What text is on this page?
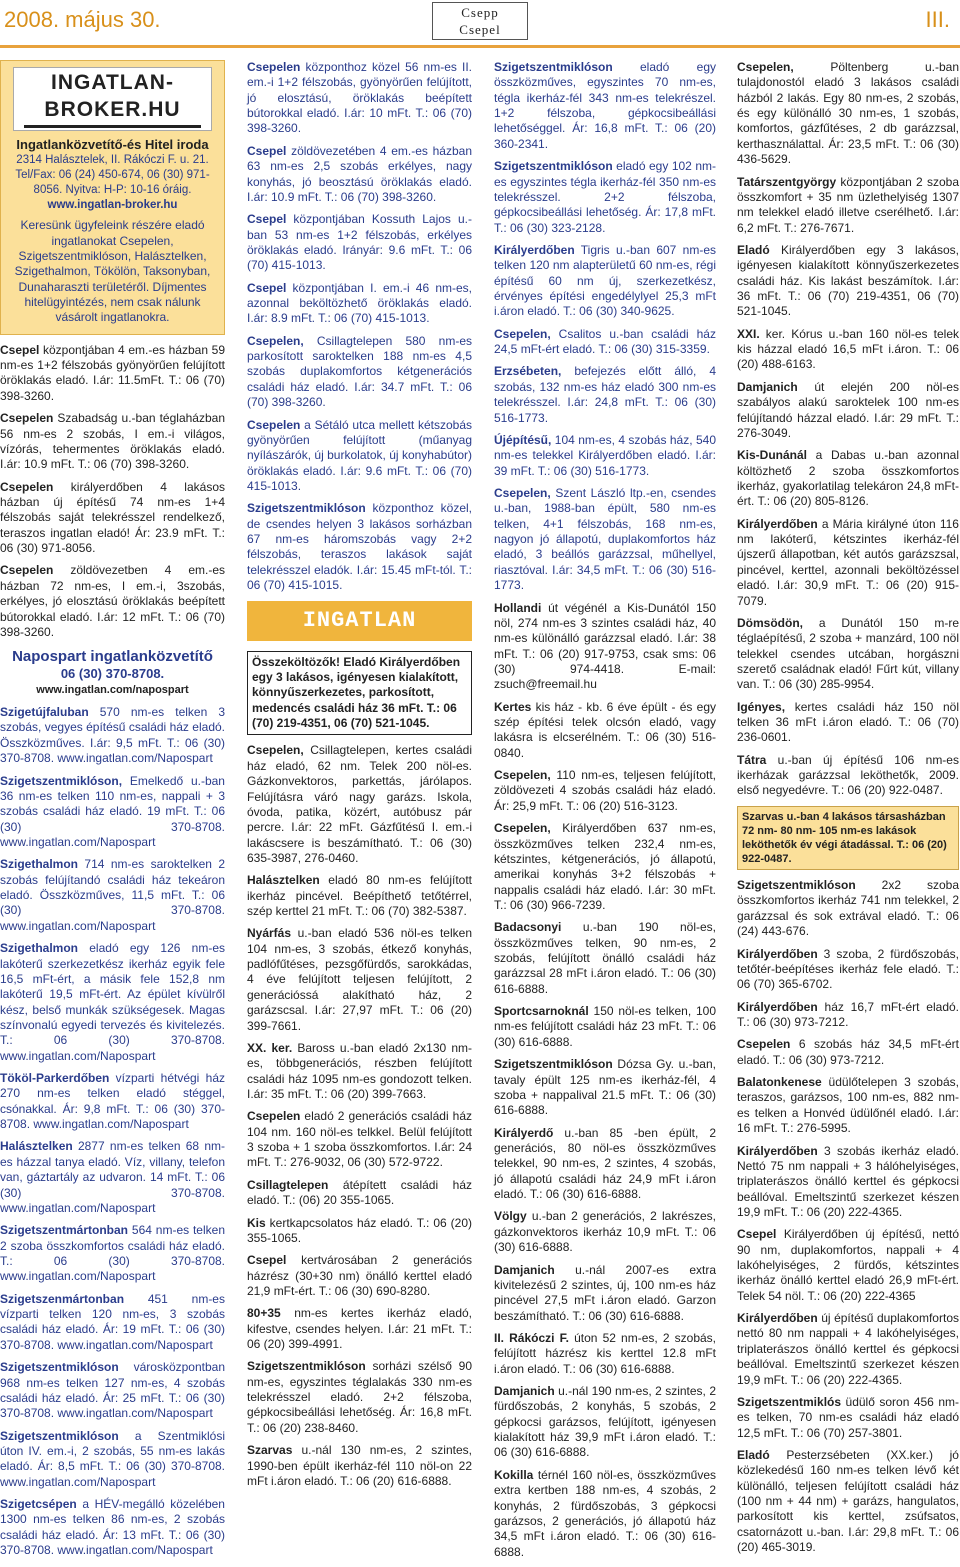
2008. május 30.	Csepp
Csepel	III.
INGATLAN-BROKER.HU
Ingatlanközvetítő-és Hitel iroda
2314 Halásztelek, II. Rákóczi F. u. 21.
Tel/Fax: 06 (24) 450-674, 06 (30) 971-8056. Nyitva: H-P: 10-16 óráig.
www.ingatlan-broker.hu
Keresünk ügyfeleink részére eladó ingatlanokat Csepelen, Szigetszentmiklóson, Halásztelken, Szigethalmon, Tökölön, Taksonyban, Dunaharaszti területéről. Díjmentes hitelügyintézés, nem csak nálunk vásárolt ingatlanokra.
Csepel központjában 4 em.-es házban 59 nm-es 1+2 félszobás gyönyörűen felújított öröklakás eladó. I.ár: 11.5mFt. T.: 06 (70) 398-3260.
Csepelen Szabadság u.-ban téglaházban 56 nm-es 2 szobás, I em.-i világos, vízórás, tehermentes öröklakás eladó. I.ár: 10.9 mFt. T.: 06 (70) 398-3260.
Csepelen királyerdőben 4 lakásos házban új építésű 74 nm-es 1+4 félszobás saját telekrésszel rendelkező, teraszos ingatlan eladó! Ár: 23.9 mFt. T.: 06 (30) 971-8056.
Csepelen zöldövezetben 4 em.-es házban 72 nm-es, I em.-i, 3szobás, erkélyes, jó elosztású öröklakás beépített bútorokkal eladó. I.ár: 12 mFt. T.: 06 (70) 398-3260.
Napospart ingatlanközvetítő
06 (30) 370-8708.
www.ingatlan.com/napospart
Szigetújfaluban 570 nm-es telken 3 szobás, vegyes építésű családi ház eladó. Összközműves. I.ár: 9,5 mFt. T.: 06 (30) 370-8708. www.ingatlan.com/Napospart
Szigetszentmiklóson, Emelkedő u.-ban 36 nm-es telken 110 nm-es, nappali + 3 szobás családi ház eladó. 19 mFt. T.: 06 (30) 370-8708. www.ingatlan.com/Napospart
Szigethalmon 714 nm-es saroktelken 2 szobás felújítandó családi ház tekeáron eladó. Összközműves, 11,5 mFt. T.: 06 (30) 370-8708. www.ingatlan.com/Napospart
Szigethalmon eladó egy 126 nm-es lakóterű szerkezetkész ikerház egyik fele 16,5 mFt-ért, a másik fele 152,8 nm lakóterű 19,5 mFt-ért. Az épület kívülről kész, belső munkák szükségesek. Magas színvonalú egyedi tervezés és kivitelezés. T.: 06 (30) 370-8708. www.ingatlan.com/Napospart
Tököl-Parkerdőben vízparti hétvégi ház 270 nm-es telken eladó stéggel, csónakkal. Ár: 9,8 mFt. T.: 06 (30) 370-8708. www.ingatlan.com/Napospart
Halásztelken 2877 nm-es telken 68 nm-es házzal tanya eladó. Víz, villany, telefon van, gáztartály az udvaron. 14 mFt. T.: 06 (30) 370-8708. www.ingatlan.com/Napospart
Szigetszentmártonban 564 nm-es telken 2 szoba összkomfortos családi ház eladó. T.: 06 (30) 370-8708. www.ingatlan.com/Napospart
Szigetszenmártonban 451 nm-es vízparti telken 120 nm-es, 3 szobás családi ház eladó. Ár: 19 mFt. T.: 06 (30) 370-8708. www.ingatlan.com/Napospart
Szigetszentmiklóson városközpontban 968 nm-es telken 127 nm-es, 4 szobás családi ház eladó. Ár: 25 mFt. T.: 06 (30) 370-8708. www.ingatlan.com/Napospart
Szigetszentmiklóson a Szentmiklósi úton IV. em.-i, 2 szobás, 55 nm-es lakás eladó. Ár: 8,5 mFt. T.: 06 (30) 370-8708. www.ingatlan.com/Napospart
Szigetcsépen a HÉV-megálló közelében 1300 nm-es telken 86 nm-es, 2 szobás családi ház eladó. Ár: 13 mFt. T.: 06 (30) 370-8708. www.ingatlan.com/Napospart
Csepelen központhoz közel 56 nm-es II. em.-i 1+2 félszobás, gyönyörűen felújított, jó elosztású, öröklakás beépített bútorokkal eladó. I.ár: 10 mFt. T.: 06 (70) 398-3260.
Csepel zöldövezetében 4 em.-es házban 63 nm-es 2,5 szobás erkélyes, nagy konyhás, jó beosztású öröklakás eladó. I.ár: 10.9 mFt. T.: 06 (70) 398-3260.
Csepel központjában Kossuth Lajos u.-ban 53 nm-es 1+2 félszobás, erkélyes öröklakás eladó. Irányár: 9.6 mFt. T.: 06 (70) 415-1013.
Csepel központjában I. em.-i 46 nm-es, azonnal beköltözhető öröklakás eladó. I.ár: 8.9 mFt. T.: 06 (70) 415-1013.
Csepelen, Csillagtelepen 580 nm-es parkosított saroktelken 188 nm-es 4,5 szobás duplakomfortos kétgenerációs családi ház eladó. I.ár: 34.7 mFt. T.: 06 (70) 398-3260.
Csepelen a Sétáló utca mellett kétszobás gyönyörűen felújított (műanyag nyílászárók, új burkolatok, új konyhabútor) öröklakás eladó. I.ár: 9.6 mFt. T.: 06 (70) 415-1013.
Szigetszentmiklóson központhoz közel, de csendes helyen 3 lakásos sorházban 67 nm-es háromszobás vagy 2+2 félszobás, teraszos lakások saját telekrésszel eladók. I.ár: 15.45 mFt-tól. T.: 06 (70) 415-1015.
INGATLAN
Összeköltözők! Eladó Királyerdőben egy 3 lakásos, igényesen kialakított, könnyűszerkezetes, parkosított, medencés családi ház 36 mFt. T.: 06 (70) 219-4351, 06 (70) 521-1045.
Csepelen, Csillagtelepen, kertes családi ház eladó, 62 nm. Telek 200 nöl-es. Gázkonvektoros, parkettás, járólapos. Felújításra váró nagy garázs. Iskola, óvoda, patika, közért, autóbusz pár percre. I.ár: 22 mFt. Gázfűtésű I. em.-i lakáscsere is beszámítható. T.: 06 (30) 635-3987, 276-0460.
Halásztelken eladó 80 nm-es felújított ikerház pincével. Beépíthető tetőtérrel, szép kerttel 21 mFt. T.: 06 (70) 382-5387.
Nyárfás u.-ban eladó 536 nöl-es telken 104 nm-es, 3 szobás, étkező konyhás, padlófűtéses, pezsgőfürdős, sarokkádas, 4 éve felújított teljesen felújított, 2 generációssá alakítható ház, 2 garázscsal. I.ár: 27,97 mFt. T.: 06 (20) 399-7661.
XX. ker. Baross u.-ban eladó 2x130 nm-es, többgenerációs, részben felújított családi ház 1095 nm-es gondozott telken. I.ár: 35 mFt. T.: 06 (20) 399-7663.
Csepelen eladó 2 generációs családi ház 104 nm. 160 nöl-es telkkel. Belül felújított 3 szoba + 1 szoba összkomfortos. I.ár: 24 mFt. T.: 276-9032, 06 (30) 572-9722.
Csillagtelepen átépített családi ház eladó. T.: (06) 20 355-1065.
Kis kertkapcsolatos ház eladó. T.: 06 (20) 355-1065.
Csepel kertvárosában 2 generációs házrész (30+30 nm) önálló kerttel eladó 21,9 mFt-ért. T.: 06 (30) 690-8280.
80+35 nm-es kertes ikerház eladó, kifestve, csendes helyen. I.ár: 21 mFt. T.: 06 (20) 399-4991.
Szigetszentmiklóson sorházi szélső 90 nm-es, egyszintes téglalakás 330 nm-es telekrésszel eladó. 2+2 félszoba, gépkocsibeállási lehetőség. Ár: 16,8 mFt. T.: 06 (20) 238-8460.
Szarvas u.-nál 130 nm-es, 2 szintes, 1990-ben épült ikerház-fél 110 nöl-on 22 mFt i.áron eladó. T.: 06 (20) 616-6888.
Szigetszentmiklóson eladó egy összközműves, egyszintes 70 nm-es, tégla ikerház-fél 343 nm-es telekrészel. 1+2 félszoba, gépkocsibeállási lehetőséggel. Ár: 16,8 mFt. T.: 06 (20) 360-2341.
Szigetszentmiklóson eladó egy 102 nm-es egyszintes tégla ikerház-fél 350 nm-es telekrésszel. 2+2 félszoba, gépkocsibeállási lehetőség. Ár: 17,8 mFt. T.: 06 (30) 323-2128.
Királyerdőben Tigris u.-ban 607 nm-es telken 120 nm alapterületű 60 nm-es, régi építésű 60 nm új, szerkezetkész, érvényes építési engedélylyel 25,3 mFt i.áron eladó. T.: 06 (30) 340-9625.
Csepelen, Csalitos u.-ban családi ház 24,5 mFt-ért eladó. T.: 06 (30) 315-3359.
Erzsébeten, befejezés előtt álló, 4 szobás, 132 nm-es ház eladó 300 nm-es telekrésszel. I.ár: 24,8 mFt. T.: 06 (30) 516-1773.
Újépítésű, 104 nm-es, 4 szobás ház, 540 nm-es telekkel Királyerdőben eladó. I.ár: 39 mFt. T.: 06 (30) 516-1773.
Csepelen, Szent László ltp.-en, csendes u.-ban, 1988-ban épült, 580 nm-es telken, 4+1 félszobás, 168 nm-es, nagyon jó állapotú, duplakomfortos ház eladó, 3 beállós garázzsal, műhellyel, riasztóval. I.ár: 34,5 mFt. T.: 06 (30) 516-1773.
Hollandi út végénél a Kis-Dunától 150 nöl, 274 nm-es 3 szintes családi ház, 40 nm-es különálló garázzsal eladó. I.ár: 38 mFt. T.: 06 (20) 917-9753, csak sms: 06 (30) 974-4418. E-mail: zsuch@freemail.hu
Kertes kis ház - kb. 6 éve épült - és egy szép építési telek olcsón eladó, vagy lakásra is elcserélném. T.: 06 (30) 516-0840.
Csepelen, 110 nm-es, teljesen felújított, zöldövezeti 4 szobás családi ház eladó. Ár: 25,9 mFt. T.: 06 (20) 516-3123.
Csepelen, Királyerdőben 637 nm-es, összközműves telken 232,4 nm-es, kétszintes, kétgenerációs, jó állapotú, amerikai konyhás 3+2 félszobás + nappalis családi ház eladó. I.ár: 30 mFt. T.: 06 (30) 966-7239.
Badacsonyi u.-ban 190 nöl-es, összközműves telken, 90 nm-es, 2 szobás, felújított önálló családi ház garázzsal 28 mFt i.áron eladó. T.: 06 (30) 616-6888.
Sportcsarnoknál 150 nöl-es telken, 100 nm-es felújított családi ház 23 mFt. T.: 06 (30) 616-6888.
Szigetszentmiklóson Dózsa Gy. u.-ban, tavaly épült 125 nm-es ikerház-fél, 4 szoba + nappalival 21.5 mFt. T.: 06 (30) 616-6888.
Királyerdő u.-ban 85 -ben épült, 2 generációs, 80 nöl-es összközműves telekkel, 90 nm-es, 2 szintes, 4 szobás, jó állapotú családi ház 24,9 mFt i.áron eladó. T.: 06 (30) 616-6888.
Völgy u.-ban 2 generációs, 2 lakrészes, gázkonvektoros ikerház 10,9 mFt. T.: 06 (30) 616-6888.
Damjanich u.-nál 2007-es extra kivitelezésű 2 szintes, új, 100 nm-es ház pincével 27,5 mFt i.áron eladó. Garzon beszámítható. T.: 06 (30) 616-6888.
II. Rákóczi F. úton 52 nm-es, 2 szobás, felújított házrész kis kerttel 12.8 mFt i.áron eladó. T.: 06 (30) 616-6888.
Damjanich u.-nál 190 nm-es, 2 szintes, 2 fürdőszobás, 2 konyhás, 5 szobás, 2 gépkocsi garázsos, felújított, igényesen kialakított ház 39,9 mFt i.áron eladó. T.: 06 (30) 616-6888.
Kokilla térnél 160 nöl-es, összközműves extra kertben 188 nm-es, 4 szobás, 2 konyhás, 2 fürdőszobás, 3 gépkocsi garázsos, 2 generációs, jó állapotú ház 34,5 mFt i.áron eladó. T.: 06 (30) 616-6888.
Csepelen,	Pöltenberg u.-ban tulajdonostól eladó 3 lakásos családi házból 2 lakás. Egy 80 nm-es, 2 szobás, és egy különálló 30 nm-es, 1 szobás, komfortos, gázfűtéses, 2 db garázzsal, kerthasználattal. Ár: 23,5 mFt. T.: 06 (30) 436-5629.
Tatárszentgyörgy központjában 2 szoba összkomfort + 35 nm üzlethelyiség 1307 nm telekkel eladó illetve cserélhető. I.ár: 6,2 mFt. T.: 276-7671.
Eladó Királyerdőben egy 3 lakásos, igényesen kialakított könnyűszerkezetes családi ház. Kis lakást beszámítok. I.ár: 36 mFt. T.: 06 (70) 219-4351, 06 (70) 521-1045.
XXI. ker. Kórus u.-ban 160 nöl-es telek kis házzal eladó 16,5 mFt i.áron. T.: 06 (20) 488-6163.
Damjanich út elején 200 nöl-es szabályos alakú saroktelek 100 nm-es felújítandó házzal eladó. I.ár: 29 mFt. T.: 276-3049.
Kis-Dunánál a Dabas u.-ban azonnal költözhető 2 szoba összkomfortos ikerház, gyakorlatilag telekáron 24,8 mFt-ért. T.: 06 (20) 805-8126.
Királyerdőben a Mária királyné úton 116 nm lakóterű, kétszintes ikerház-fél újszerű állapotban, két autós garázszsal, pincével, kerttel, azonnali beköltözéssel eladó. I.ár: 30,9 mFt. T.: 06 (20) 915-7079.
Dömsödön, a Dunától 150 m-re téglaépítésű, 2 szoba + manzárd, 100 nöl telekkel csendes utcában, horgászni szerető családnak eladó! Fűrt kút, villany van. T.: 06 (30) 285-9954.
Igényes, kertes családi ház 150 nöl telken 36 mFt i.áron eladó. T.: 06 (70) 236-0601.
Tátra u.-ban új építésű 106 nm-es ikerházak garázzsal leköthetők, 2009. első negyedévre. T.: 06 (20) 922-0487.
Szarvas u.-ban 4 lakásos társasházban 72 nm- 80 nm- 105 nm-es lakások leköthetők év végi átadással. T.: 06 (20) 922-0487.
Szigetszentmiklóson 2x2 szoba összkomfortos ikerház 741 nm telekkel, 2 garázzsal és sok extrával eladó. T.: 06 (24) 443-676.
Királyerdőben 3 szoba, 2 fürdőszobás, tetőtér-beépítéses ikerház fele eladó. T.: 06 (70) 365-6702.
Királyerdőben ház 16,7 mFt-ért eladó. T.: 06 (30) 973-7212.
Csepelen 6 szobás ház 34,5 mFt-ért eladó. T.: 06 (30) 973-7212.
Balatonkenese üdülőtelepen 3 szobás, teraszos, garázsos, 100 nm-es, 882 nm-es telken a Honvéd üdülőnél eladó. I.ár: 16 mFt. T.: 276-5995.
Királyerdőben 3 szobás ikerház eladó. Nettó 75 nm nappali + 3 hálóhelyiséges, triplaterászos önálló kerttel és gépkocsi beállóval. Emeltszintű szerkezet készen 19,9 mFt. T.: 06 (20) 222-4365.
Csepel Királyerdőben új építésű, nettó 90 nm, duplakomfortos, nappali + 4 lakóhelyiséges, 2 fürdős, kétszintes ikerház önálló kerttel eladó 26,9 mFt-ért. Telek 54 nöl. T.: 06 (20) 222-4365
Királyerdőben új építésű duplakomfortos nettó 80 nm nappali + 4 lakóhelyiséges, triplaterászos önálló kerttel és gépkocsi beállóval. Emeltszintű szerkezet készen 19,9 mFt. T.: 06 (20) 222-4365.
Szigetszentmiklós üdülő soron 456 nm-es telken, 70 nm-es családi ház eladó 12,5 mFt. T.: 06 (70) 257-3801.
Eladó Pesterzsébeten (XX.ker.) jó közlekedésű 160 nm-es telken lévő két különálló, teljesen felújított családi ház (100 nm + 44 nm) + garázs, hangulatos, parkosított kis kerttel, zsúfsatos, csatornázott u.-ban. I.ár: 29,8 mFt. T.: 06 (20) 465-3019.
